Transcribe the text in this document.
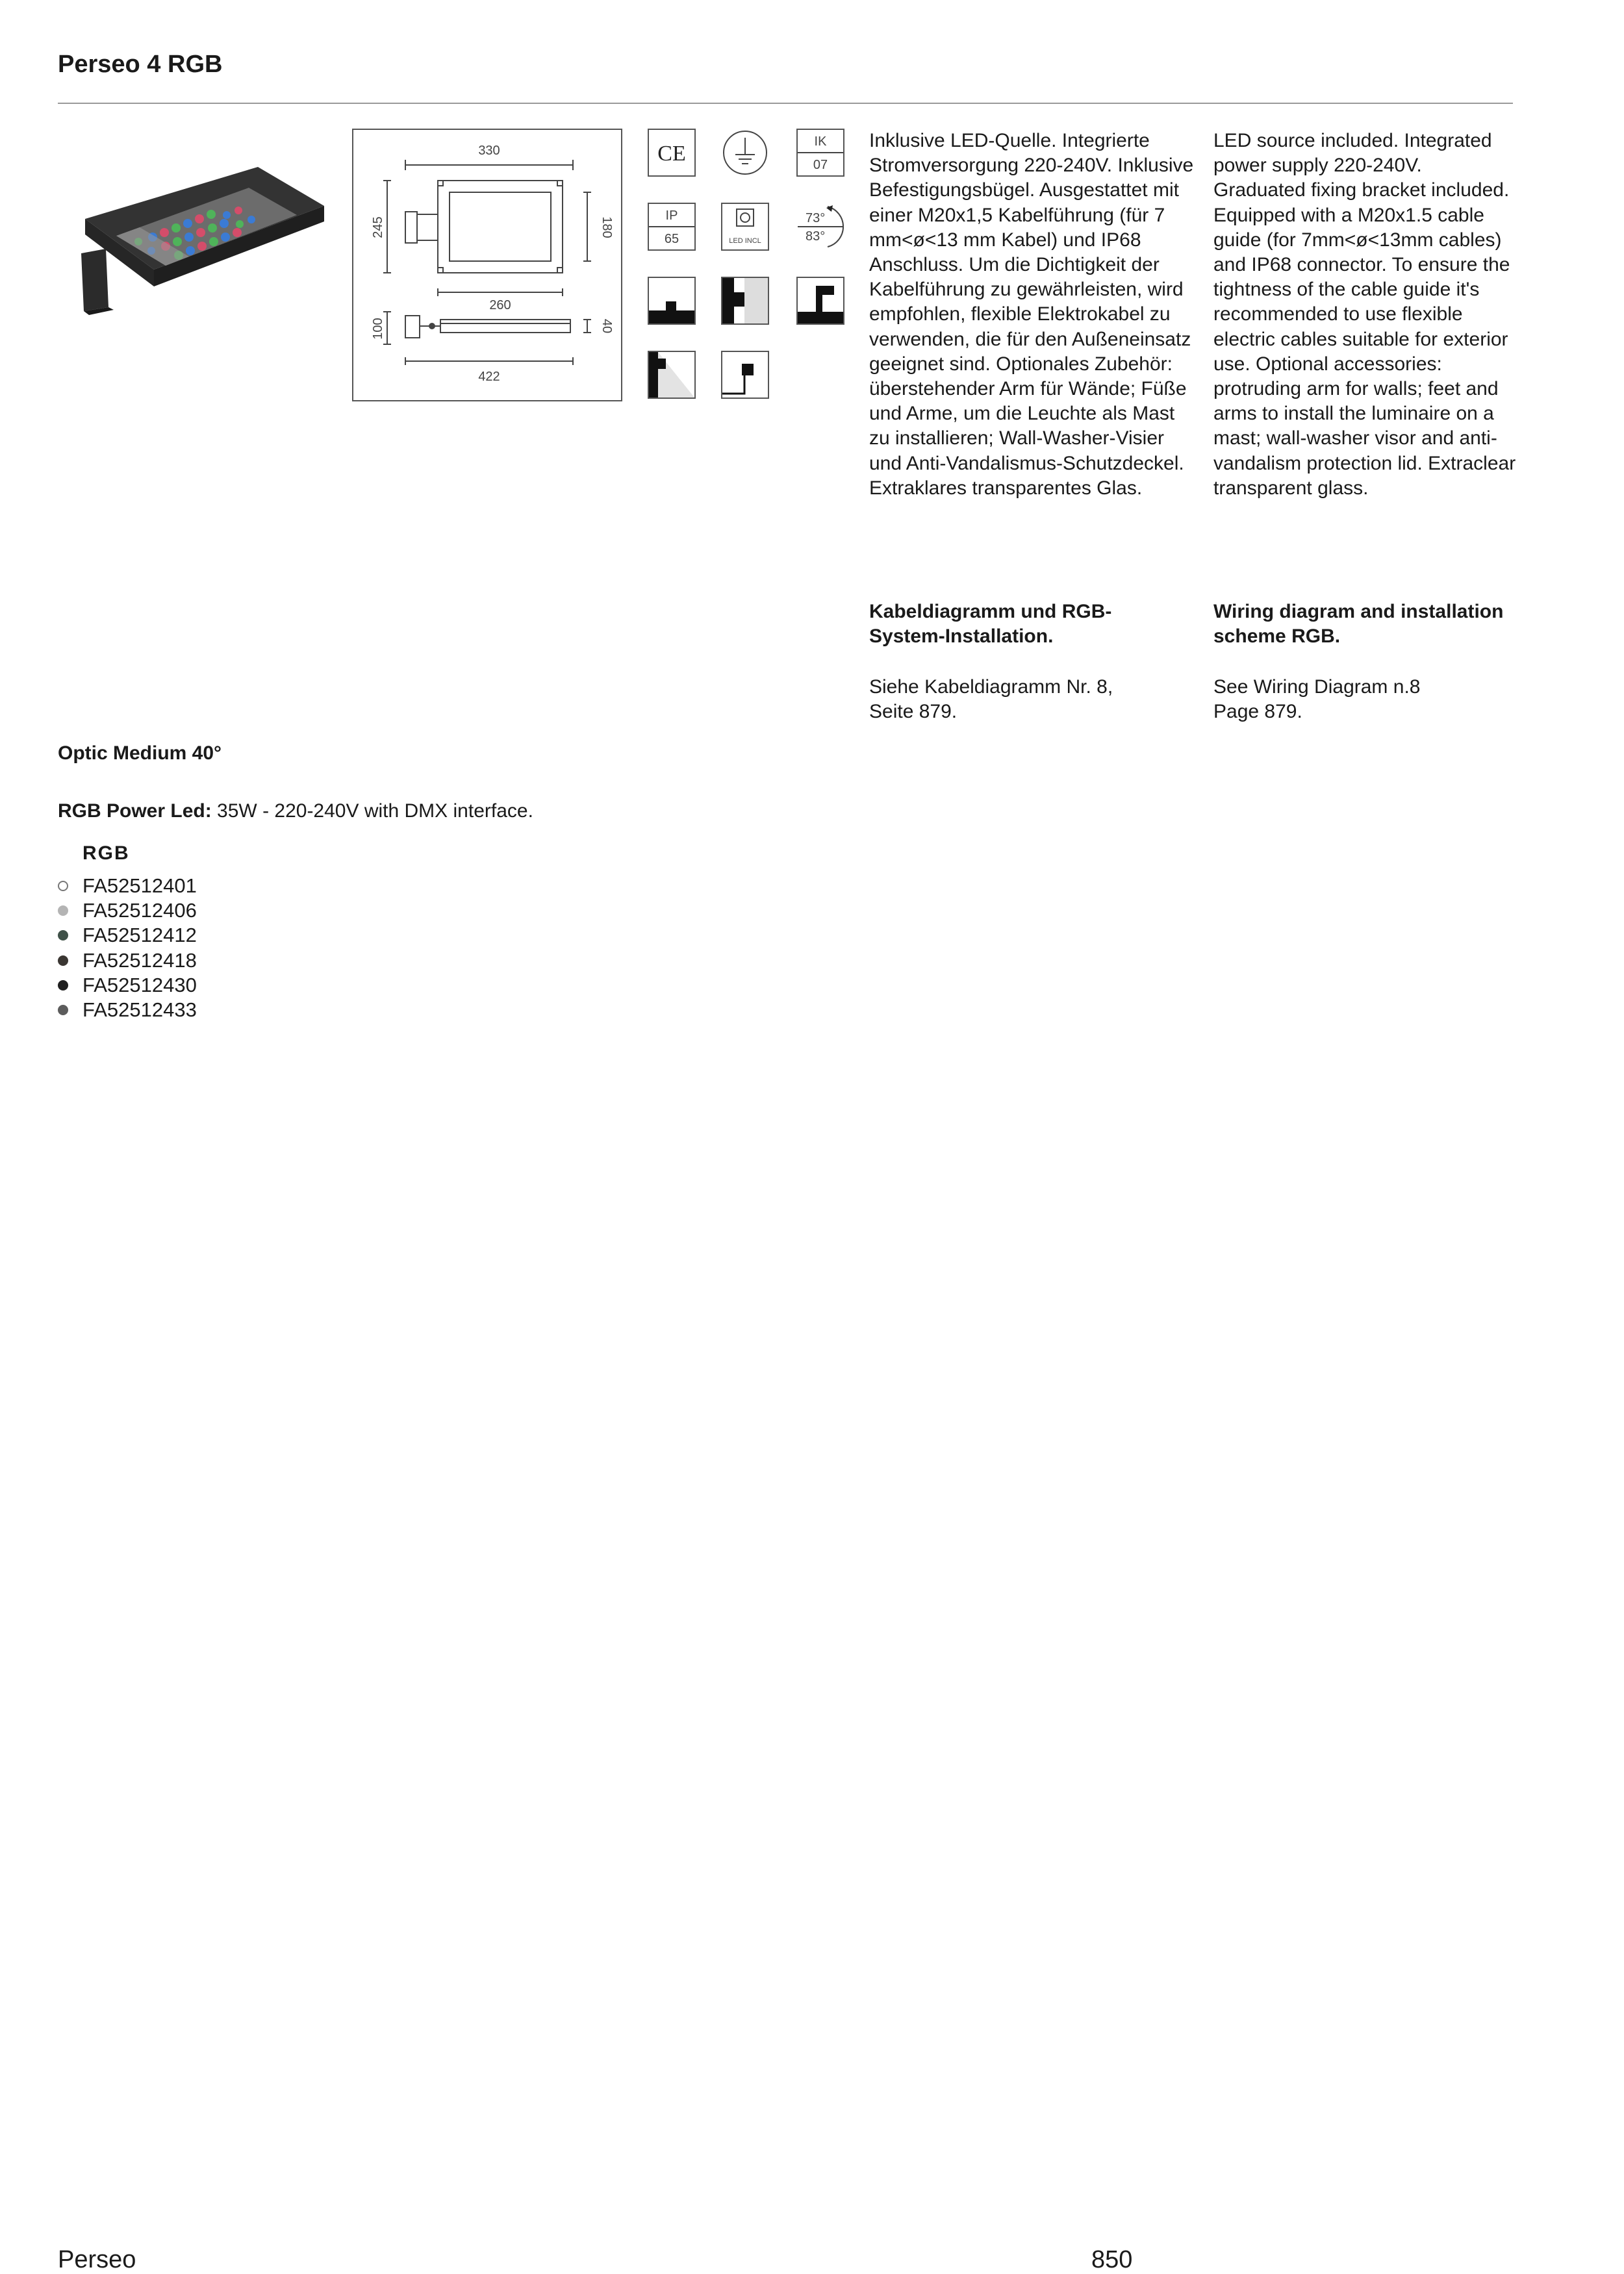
Perseo 4 RGB
330
245	180
260
100	40
422
CE	IK
07
IP
65	LED INCL
73°
83°
Inklusive LED-Quelle. Integrierte Stromversorgung 220-240V. Inklusive Befestigungsbügel. Ausgestattet mit einer M20x1,5 Kabelführung (für 7 mm<ø<13 mm Kabel) und IP68 Anschluss. Um die Dichtigkeit der Kabelführung zu gewährleisten, wird empfohlen, flexible Elektrokabel zu verwenden, die für den Außeneinsatz geeignet sind. Optionales Zubehör: überstehender Arm für Wände; Füße und Arme, um die Leuchte als Mast zu installieren; Wall-Washer-Visier und Anti-Vandalismus-Schutzdeckel. Extraklares transparentes Glas.
LED source included. Integrated power supply 220-240V. Graduated fixing bracket included. Equipped with a M20x1.5 cable guide (for 7mm<ø<13mm cables) and IP68 connector. To ensure the tightness of the cable guide it's recommended to use flexible electric cables suitable for exterior use. Optional accessories: protruding arm for walls; feet and arms to install the luminaire on a mast; wall-washer visor and anti-vandalism protection lid. Extraclear transparent glass.
Kabeldiagramm und RGB-System-Installation.
Wiring diagram and installation scheme RGB.
Siehe Kabeldiagramm Nr. 8, Seite 879.
See Wiring Diagram n.8 Page 879.
Optic Medium 40°
RGB Power Led: 35W - 220-240V with DMX interface.
RGB
FA52512401
FA52512406
FA52512412
FA52512418
FA52512430
FA52512433
Perseo	850
